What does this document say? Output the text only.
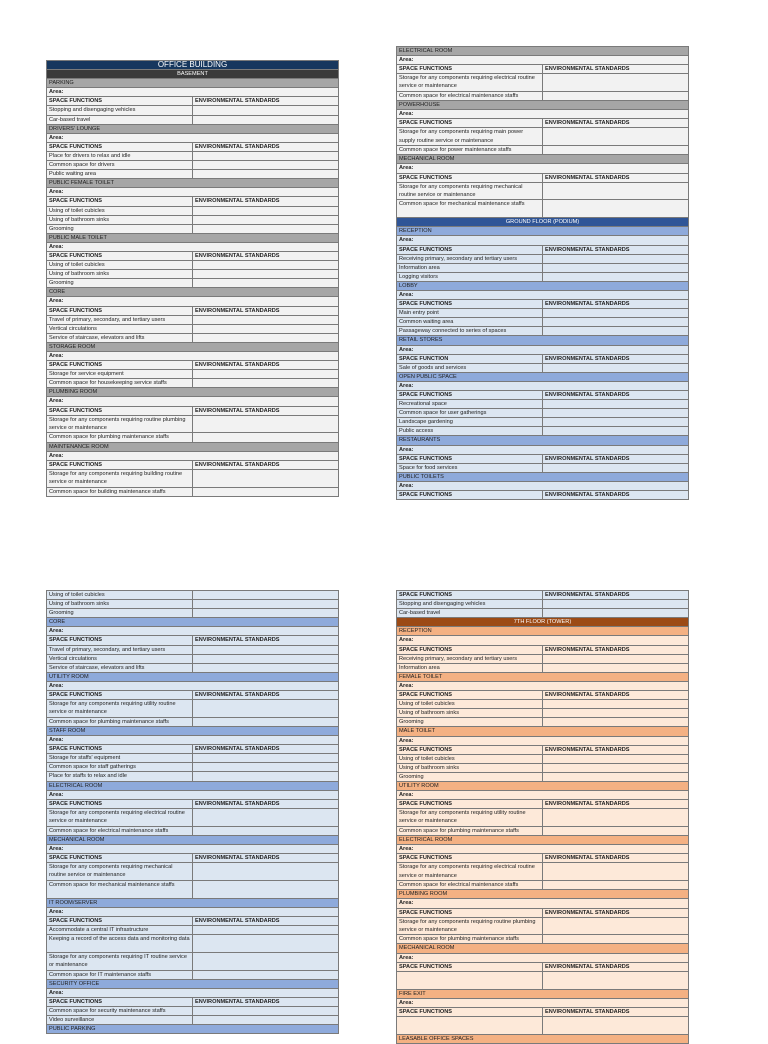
OFFICE BUILDING	
BASEMENT	
PARKING	
Area:	
SPACE FUNCTIONS	ENVIRONMENTAL STANDARDS
Stopping and disengaging vehicles	
Car-based travel	
DRIVERS' LOUNGE	
Area:	
SPACE FUNCTIONS	ENVIRONMENTAL STANDARDS
Place for drivers to relax and idle	
Common space for drivers	
Public waiting area	
PUBLIC FEMALE TOILET	
Area:	
SPACE FUNCTIONS	ENVIRONMENTAL STANDARDS
Using of toilet cubicles	
Using of bathroom sinks	
Grooming	
PUBLIC MALE TOILET	
Area:	
SPACE FUNCTIONS	ENVIRONMENTAL STANDARDS
Using of toilet cubicles	
Using of bathroom sinks	
Grooming	
CORE	
Area:	
SPACE FUNCTIONS	ENVIRONMENTAL STANDARDS
Travel of primary, secondary, and tertiary users	
Vertical circulations	
Service of staircase, elevators and lifts	
STORAGE ROOM	
Area:	
SPACE FUNCTIONS	ENVIRONMENTAL STANDARDS
Storage for service equipment	
Common space for housekeeping service staffs	
PLUMBING ROOM	
Area:	
SPACE FUNCTIONS	ENVIRONMENTAL STANDARDS
Storage for any components requiring routine plumbing service or maintenance	
Common space for plumbing maintenance staffs	
MAINTENANCE ROOM	
Area:	
SPACE FUNCTIONS	ENVIRONMENTAL STANDARDS
Storage for any components requiring building routine service or maintenance	
Common space for building maintenance staffs	
ELECTRICAL ROOM	
Area:	
SPACE FUNCTIONS	ENVIRONMENTAL STANDARDS
Storage for any components requiring electrical routine service or maintenance	
Common space for electrical maintenance staffs	
POWERHOUSE	
Area:	
SPACE FUNCTIONS	ENVIRONMENTAL STANDARDS
Storage for any components requiring main power supply routine service or maintenance	
Common space for power maintenance staffs	
MECHANICAL ROOM	
Area:	
SPACE FUNCTIONS	ENVIRONMENTAL STANDARDS
Storage for any components requiring mechanical routine service or maintenance	
Common space for mechanical maintenance staffs	
GROUND FLOOR (PODIUM)	
RECEPTION	
Area:	
SPACE FUNCTIONS	ENVIRONMENTAL STANDARDS
Receiving primary, secondary and tertiary users	
Information area	
Logging visitors	
LOBBY	
Area:	
SPACE FUNCTIONS	ENVIRONMENTAL STANDARDS
Main entry point	
Common waiting area	
Passageway connected to series of spaces	
RETAIL STORES	
Area:	
SPACE FUNCTION	ENVIRONMENTAL STANDARDS
Sale of goods and services	
OPEN PUBLIC SPACE	
Area:	
SPACE FUNCTIONS	ENVIRONMENTAL STANDARDS
Recreational space	
Common space for user gatherings	
Landscape gardening	
Public access	
RESTAURANTS	
Area:	
SPACE FUNCTIONS	ENVIRONMENTAL STANDARDS
Space for food services	
PUBLIC TOILETS	
Area:	
SPACE FUNCTIONS	ENVIRONMENTAL STANDARDS
Using of toilet cubicles	
Using of bathroom sinks	
Grooming	
CORE	
Area:	
SPACE FUNCTIONS	ENVIRONMENTAL STANDARDS
Travel of primary, secondary, and tertiary users	
Vertical circulations	
Service of staircase, elevators and lifts	
UTILITY ROOM	
Area:	
SPACE FUNCTIONS	ENVIRONMENTAL STANDARDS
Storage for any components requiring utility routine service or maintenance	
Common space for plumbing maintenance staffs	
STAFF ROOM	
Area:	
SPACE FUNCTIONS	ENVIRONMENTAL STANDARDS
Storage for staffs' equipment	
Common space for staff gatherings	
Place for staffs to relax and idle	
ELECTRICAL ROOM	
Area:	
SPACE FUNCTIONS	ENVIRONMENTAL STANDARDS
Storage for any components requiring electrical routine service or maintenance	
Common space for electrical maintenance staffs	
MECHANICAL ROOM	
Area:	
SPACE FUNCTIONS	ENVIRONMENTAL STANDARDS
Storage for any components requiring mechanical routine service or maintenance	
Common space for mechanical maintenance staffs	
IT ROOM/SERVER	
Area:	
SPACE FUNCTIONS	ENVIRONMENTAL STANDARDS
Accommodate a central IT infrastructure	
Keeping a record of the access data and monitoring data	
Storage for any components requiring IT routine service or maintenance	
Common space for IT maintenance staffs	
SECURITY OFFICE	
Area:	
SPACE FUNCTIONS	ENVIRONMENTAL STANDARDS
Common space for security maintenance staffs	
Video surveillance	
PUBLIC PARKING	
SPACE FUNCTIONS	ENVIRONMENTAL STANDARDS
Stopping and disengaging vehicles	
Car-based travel	
7TH FLOOR (TOWER)	
RECEPTION	
Area:	
SPACE FUNCTIONS	ENVIRONMENTAL STANDARDS
Receiving primary, secondary and tertiary users	
Information area	
FEMALE TOILET	
Area:	
SPACE FUNCTIONS	ENVIRONMENTAL STANDARDS
Using of toilet cubicles	
Using of bathroom sinks	
Grooming	
MALE TOILET	
Area:	
SPACE FUNCTIONS	ENVIRONMENTAL STANDARDS
Using of toilet cubicles	
Using of bathroom sinks	
Grooming	
UTILITY ROOM	
Area:	
SPACE FUNCTIONS	ENVIRONMENTAL STANDARDS
Storage for any components requiring utility routine service or maintenance	
Common space for plumbing maintenance staffs	
ELECTRICAL ROOM	
Area:	
SPACE FUNCTIONS	ENVIRONMENTAL STANDARDS
Storage for any components requiring electrical routine service or maintenance	
Common space for electrical maintenance staffs	
PLUMBING ROOM	
Area:	
SPACE FUNCTIONS	ENVIRONMENTAL STANDARDS
Storage for any components requiring routine plumbing service or maintenance	
Common space for plumbing maintenance staffs	
MECHANICAL ROOM	
Area:	
SPACE FUNCTIONS	ENVIRONMENTAL STANDARDS

FIRE EXIT	
Area:	
SPACE FUNCTIONS	ENVIRONMENTAL STANDARDS

LEASABLE OFFICE SPACES	
